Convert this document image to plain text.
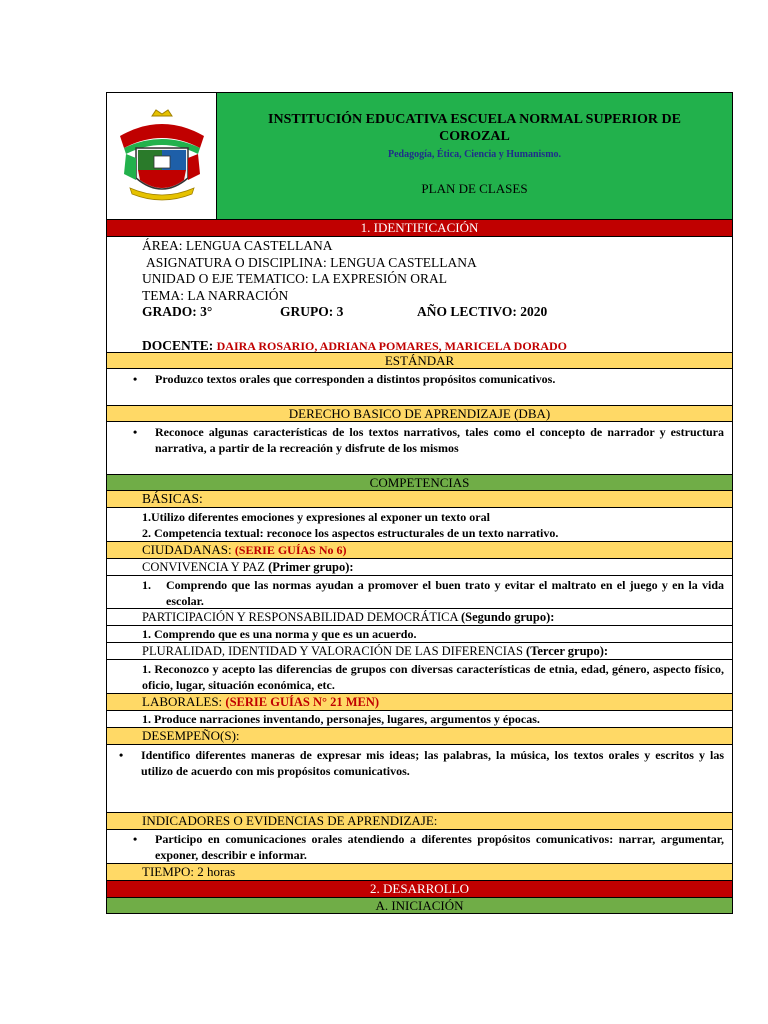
INSTITUCIÓN EDUCATIVA ESCUELA NORMAL SUPERIOR DE COROZAL
Pedagogía, Ética, Ciencia y Humanismo.
PLAN DE CLASES
1. IDENTIFICACIÓN
ÁREA: LENGUA CASTELLANA
ASIGNATURA O DISCIPLINA: LENGUA CASTELLANA
UNIDAD O EJE TEMATICO: LA EXPRESIÓN ORAL
TEMA: LA NARRACIÓN
GRADO: 3°	GRUPO: 3	AÑO LECTIVO: 2020
DOCENTE: DAIRA ROSARIO, ADRIANA POMARES, MARICELA DORADO
ESTÁNDAR
•	Produzco textos orales que corresponden a distintos propósitos comunicativos.
DERECHO BASICO DE APRENDIZAJE (DBA)
•	Reconoce algunas características de los textos narrativos, tales como el concepto de narrador y estructura narrativa, a partir de la recreación y disfrute de los mismos
COMPETENCIAS
BÁSICAS:
1.Utilizo diferentes emociones y expresiones al exponer un texto oral
2. Competencia textual: reconoce los aspectos estructurales de un texto narrativo.
CIUDADANAS: (SERIE GUÍAS No 6)
CONVIVENCIA Y PAZ (Primer grupo):
1.	Comprendo que las normas ayudan a promover el buen trato y evitar el maltrato en el juego y en la vida escolar.
PARTICIPACIÓN Y RESPONSABILIDAD DEMOCRÁTICA (Segundo grupo):
1. Comprendo que es una norma y que es un acuerdo.
PLURALIDAD, IDENTIDAD Y VALORACIÓN DE LAS DIFERENCIAS (Tercer grupo):
1. Reconozco y acepto las diferencias de grupos con diversas características de etnia, edad, género, aspecto físico, oficio, lugar, situación económica, etc.
LABORALES: (SERIE GUÍAS N° 21 MEN)
1. Produce narraciones inventando, personajes, lugares, argumentos y épocas.
DESEMPEÑO(S):
•	Identifico diferentes maneras de expresar mis ideas; las palabras, la música, los textos orales y escritos y las utilizo de acuerdo con mis propósitos comunicativos.
INDICADORES O EVIDENCIAS DE APRENDIZAJE:
•	Participo en comunicaciones orales atendiendo a diferentes propósitos comunicativos: narrar, argumentar, exponer, describir e informar.
TIEMPO: 2 horas
2. DESARROLLO
A. INICIACIÓN
